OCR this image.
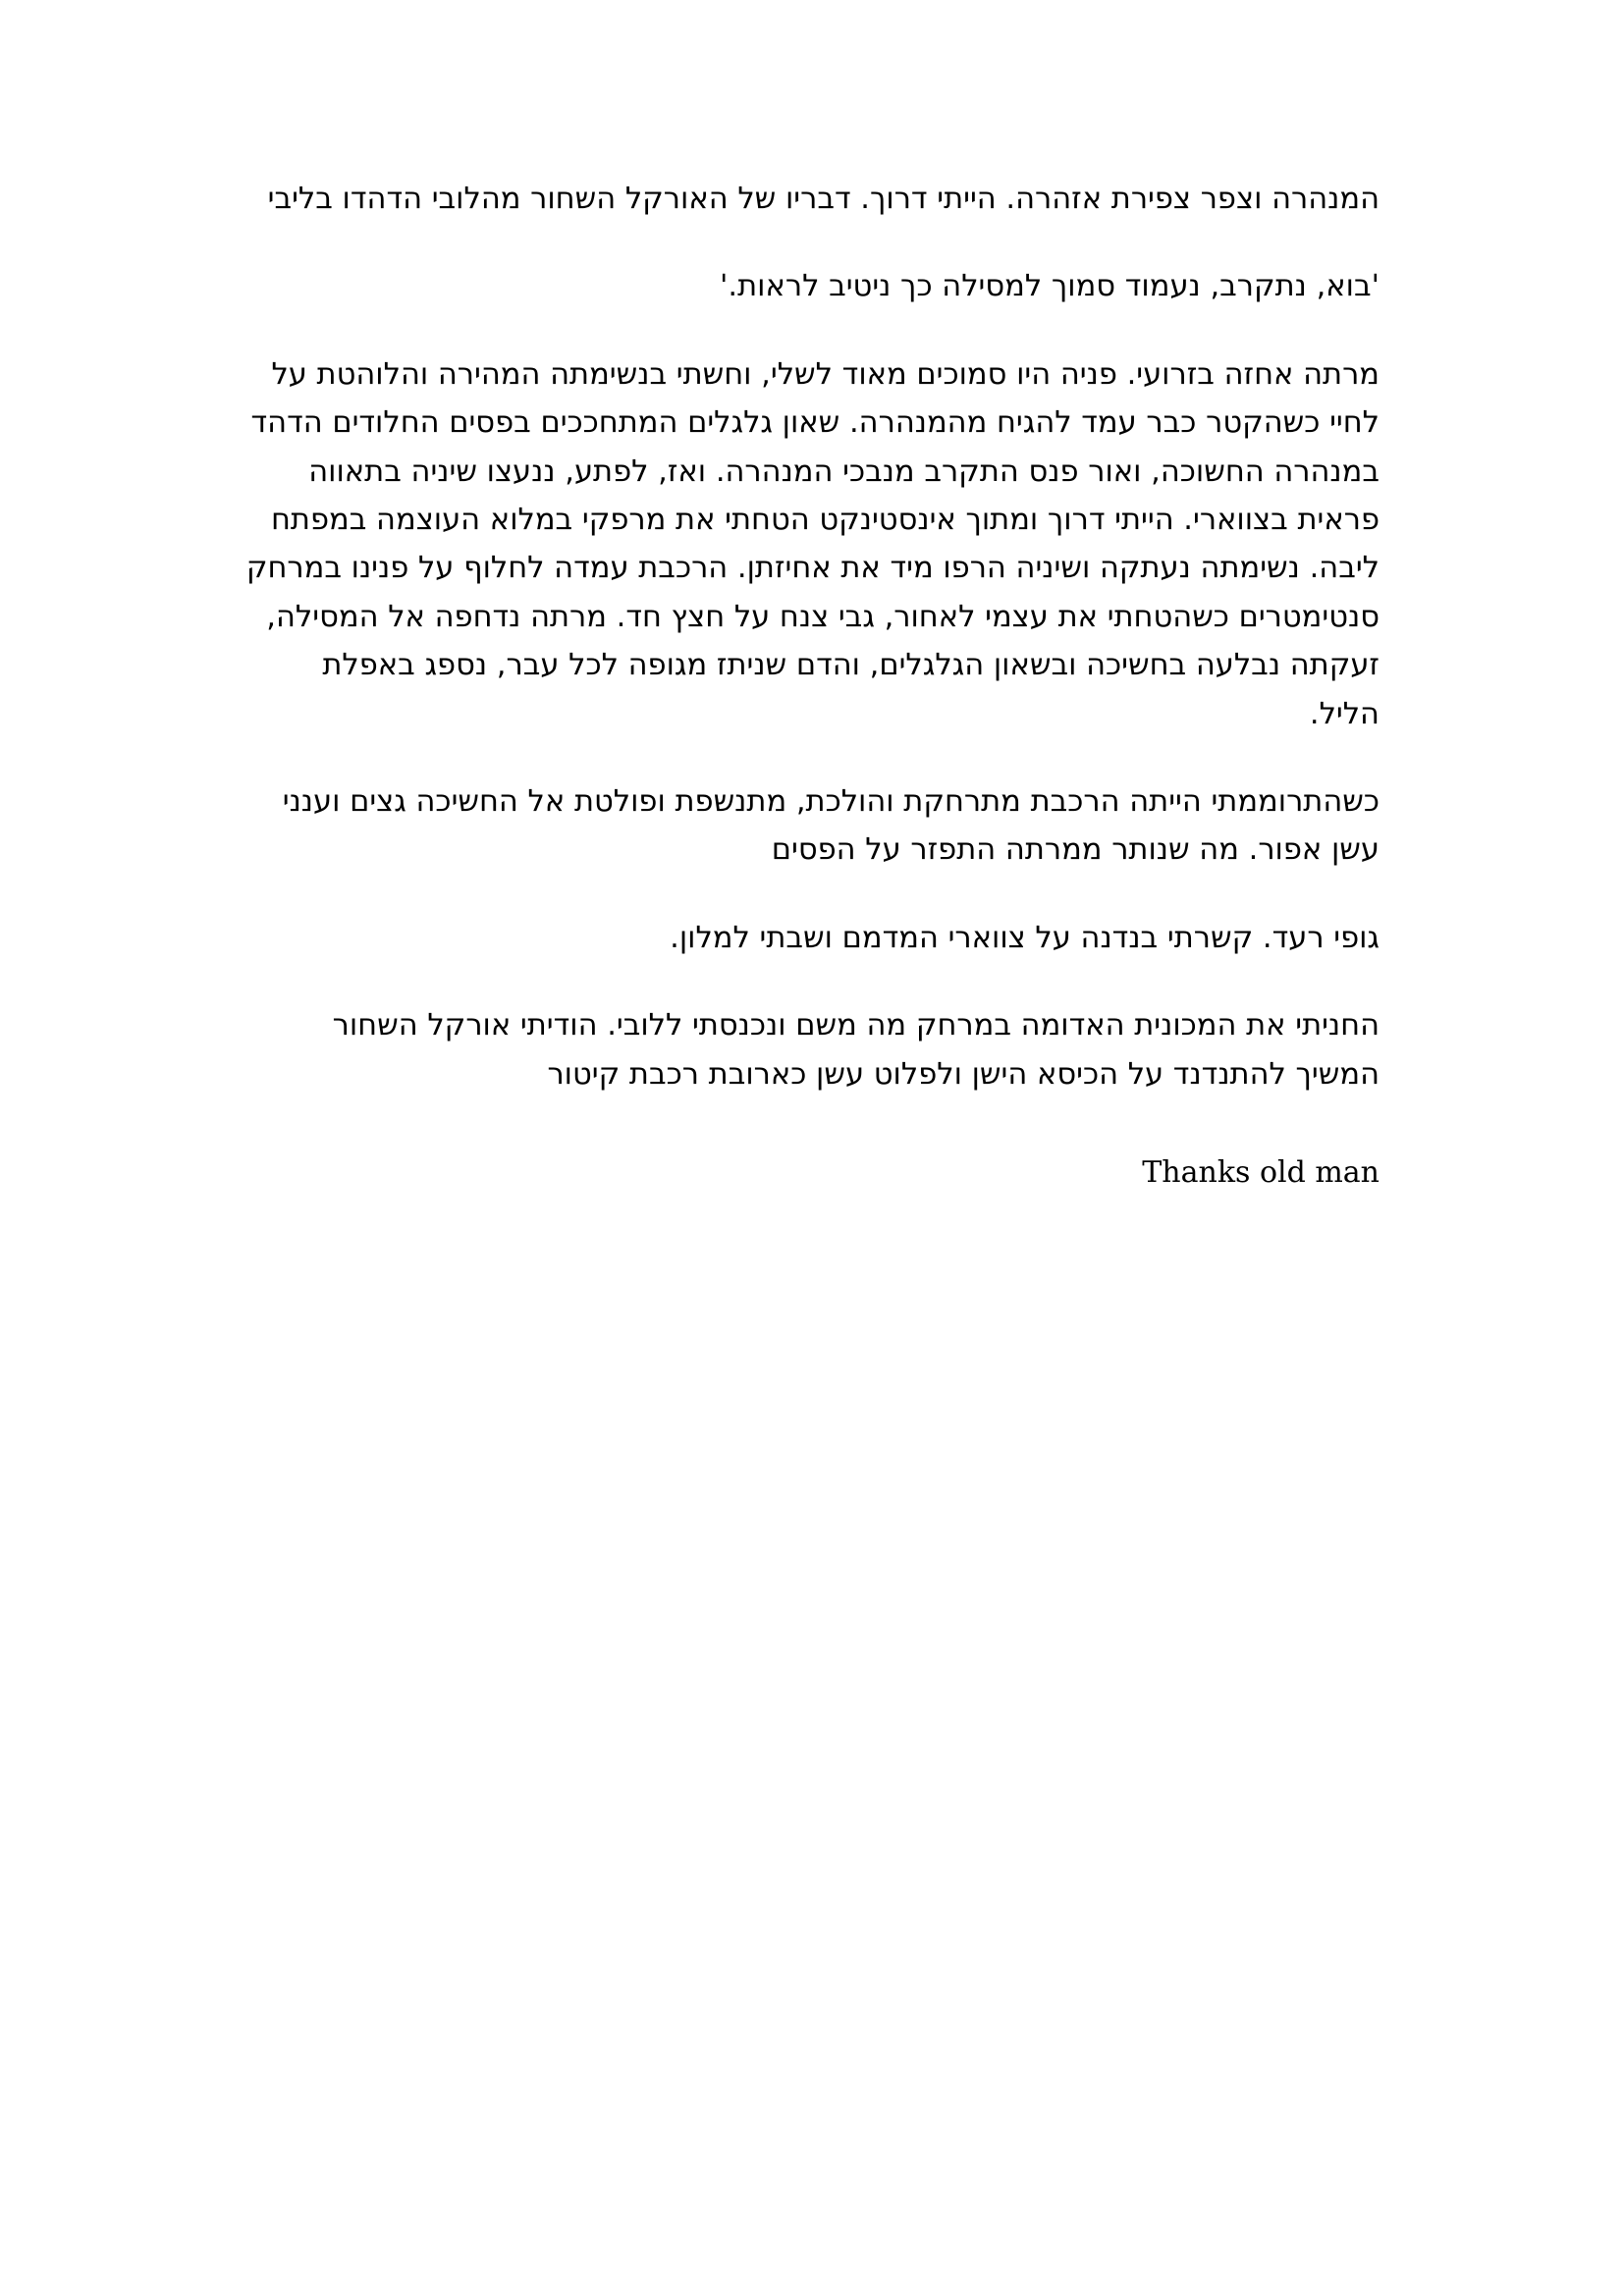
המנהרה וצפר צפירת אזהרה. הייתי דרוך. דבריו של האורקל השחור מהלובי הדהדו בליבי

'בוא, נתקרב, נעמוד סמוך למסילה כך ניטיב לראות.'

מרתה אחזה בזרועי. פניה היו סמוכים מאוד לשלי, וחשתי בנשימתה המהירה והלוהטת על לחיי כשהקטר כבר עמד להגיח מהמנהרה. שאון גלגלים המתחככים בפסים החלודים הדהד במנהרה החשוכה, ואור פנס התקרב מנבכי המנהרה. ואז, לפתע, ננעצו שיניה בתאווה פראית בצווארי. הייתי דרוך ומתוך אינסטינקט הטחתי את מרפקי במלוא העוצמה במפתח ליבה. נשימתה נעתקה ושיניה הרפו מיד את אחיזתן. הרכבת עמדה לחלוף על פנינו במרחק סנטימטרים כשהטחתי את עצמי לאחור, גבי צנח על חצץ חד. מרתה נדחפה אל המסילה, זעקתה נבלעה בחשיכה ובשאון הגלגלים, והדם שניתז מגופה לכל עבר, נספג באפלת הליל.

כשהתרוממתי הייתה הרכבת מתרחקת והולכת, מתנשפת ופולטת אל החשיכה גצים וענני עשן אפור. מה שנותר ממרתה התפזר על הפסים

גופי רעד. קשרתי בנדנה על צווארי המדמם ושבתי למלון.

החניתי את המכונית האדומה במרחק מה משם ונכנסתי ללובי. הודיתי אורקל השחור המשיך להתנדנד על הכיסא הישן ולפלוט עשן כארובת רכבת קיטור

Thanks old man
